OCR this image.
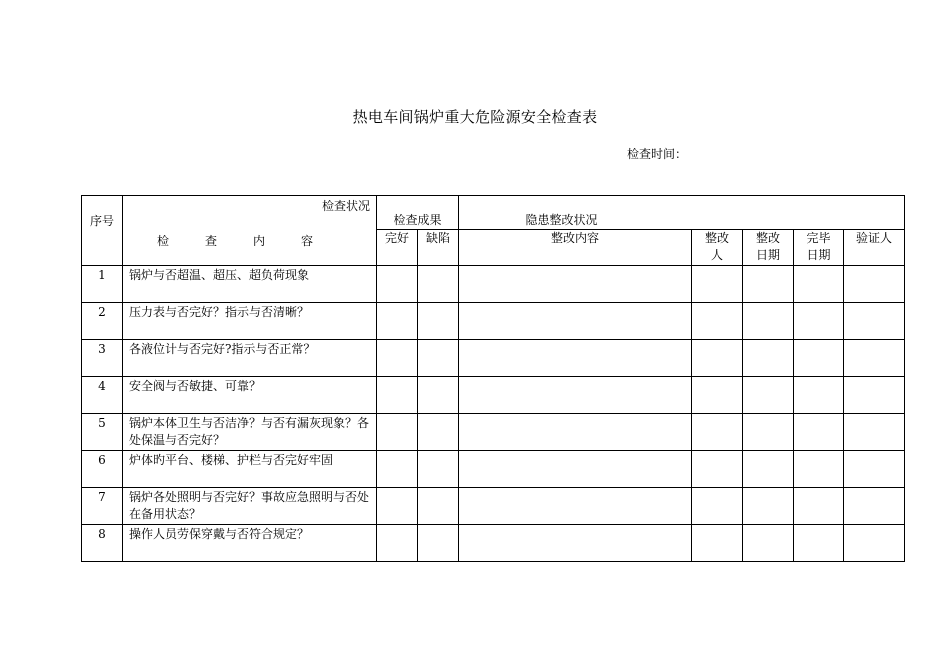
热电车间锅炉重大危险源安全检查表
检查时间：
序号	检查状况
检 查 内 容	检查成果		隐患整改状况				
		完好	缺陷	整改内容	整改人	整改日期	完毕日期	验证人
1	锅炉与否超温、超压、超负荷现象							
2	压力表与否完好？指示与否清晰？							
3	各液位计与否完好?指示与否正常？							
4	安全阀与否敏捷、可靠？							
5	锅炉本体卫生与否洁净？与否有漏灰现象？各处保温与否完好？							
6	炉体旳平台、楼梯、护栏与否完好牢固							
7	锅炉各处照明与否完好？事故应急照明与否处在备用状态？							
8	操作人员劳保穿戴与否符合规定？							
